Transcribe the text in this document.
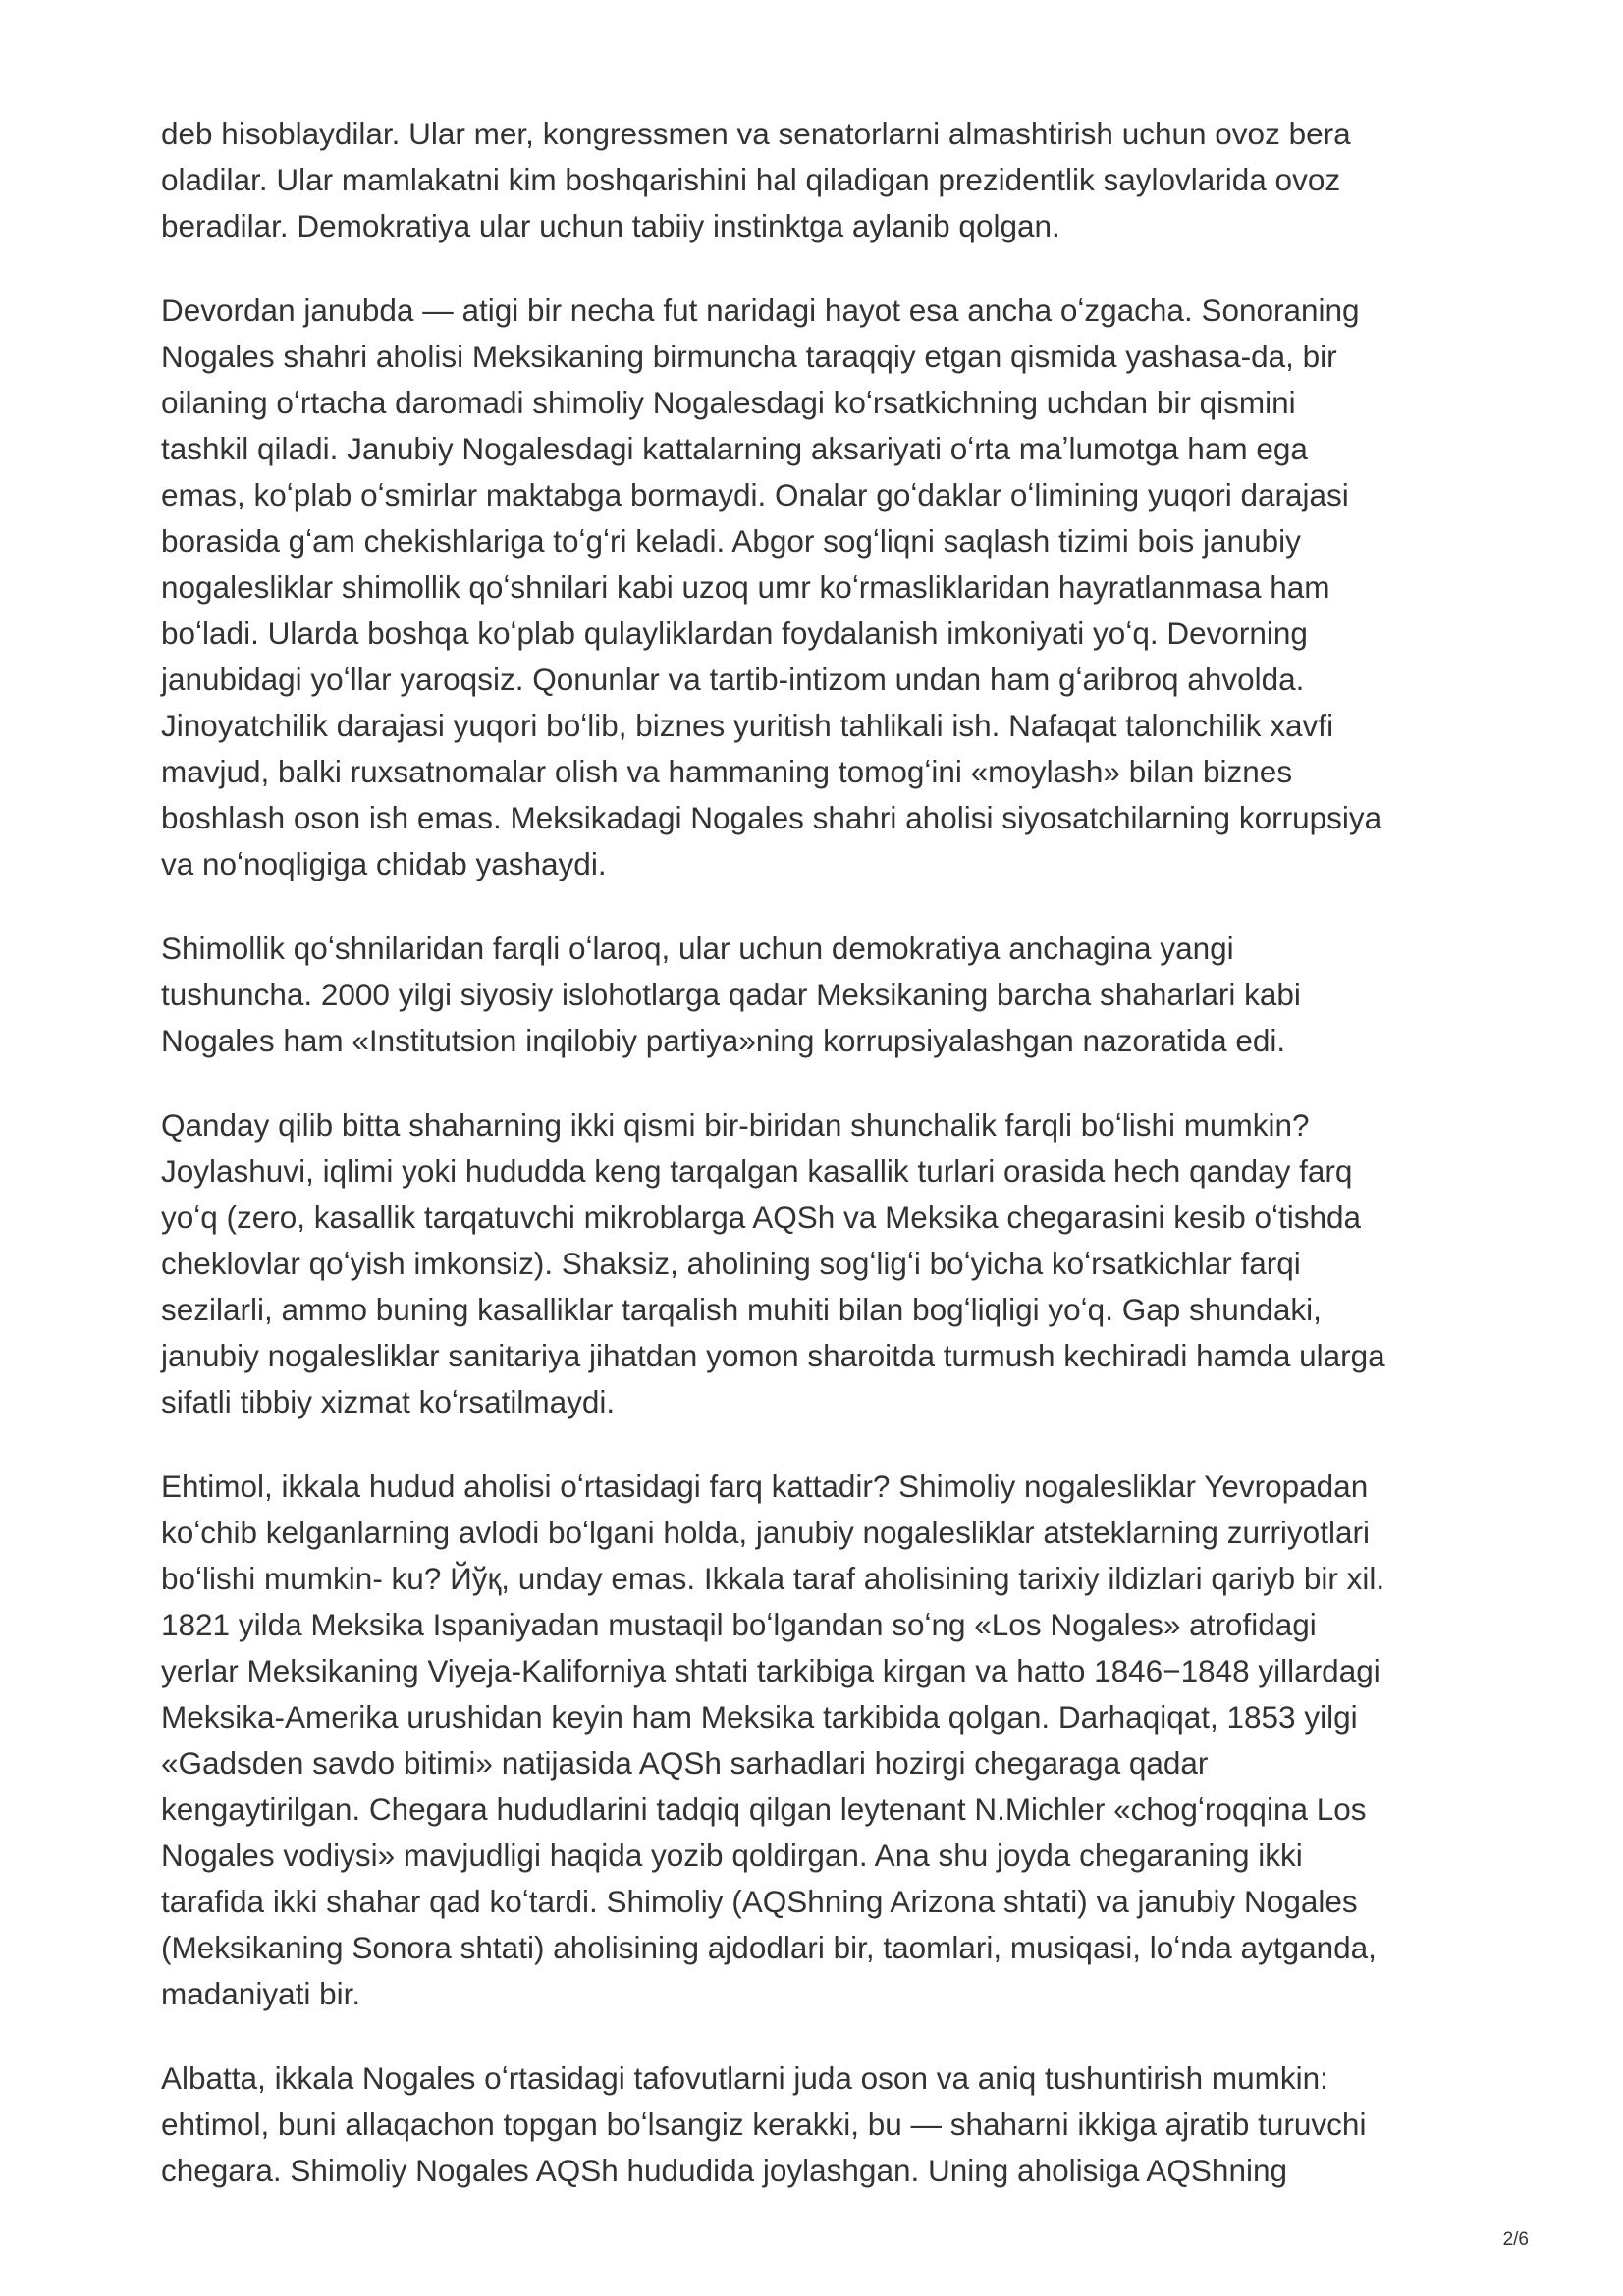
deb hisoblaydilar. Ular mer, kongressmen va senatorlarni almashtirish uchun ovoz bera
oladilar. Ular mamlakatni kim boshqarishini hal qiladigan prezidentlik saylovlarida ovoz
beradilar. Demokratiya ular uchun tabiiy instinktga aylanib qolgan.

Devordan janubda — atigi bir necha fut naridagi hayot esa ancha oʻzgacha. Sonoraning
Nogales shahri aholisi Meksikaning birmuncha taraqqiy etgan qismida yashasa-da, bir
oilaning oʻrtacha daromadi shimoliy Nogalesdagi koʻrsatkichning uchdan bir qismini
tashkil qiladi. Janubiy Nogalesdagi kattalarning aksariyati oʻrta maʼlumotga ham ega
emas, koʻplab oʻsmirlar maktabga bormaydi. Onalar goʻdaklar oʻlimining yuqori darajasi
borasida gʻam chekishlariga toʻgʻri keladi. Abgor sogʻliqni saqlash tizimi bois janubiy
nogalesliklar shimollik qoʻshnilari kabi uzoq umr koʻrmasliklaridan hayratlanmasa ham
boʻladi. Ularda boshqa koʻplab qulayliklardan foydalanish imkoniyati yoʻq. Devorning
janubidagi yoʻllar yaroqsiz. Qonunlar va tartib-intizom undan ham gʻaribroq ahvolda.
Jinoyatchilik darajasi yuqori boʻlib, biznes yuritish tahlikali ish. Nafaqat talonchilik xavfi
mavjud, balki ruxsatnomalar olish va hammaning tomogʻini «moylash» bilan biznes
boshlash oson ish emas. Meksikadagi Nogales shahri aholisi siyosatchilarning korrupsiya
va noʻnoqligiga chidab yashaydi.

Shimollik qoʻshnilaridan farqli oʻlaroq, ular uchun demokratiya anchagina yangi
tushuncha. 2000 yilgi siyosiy islohotlarga qadar Meksikaning barcha shaharlari kabi
Nogales ham «Institutsion inqilobiy partiya»ning korrupsiyalashgan nazoratida edi.

Qanday qilib bitta shaharning ikki qismi bir-biridan shunchalik farqli boʻlishi mumkin?
Joylashuvi, iqlimi yoki hududda keng tarqalgan kasallik turlari orasida hech qanday farq
yoʻq (zero, kasallik tarqatuvchi mikroblarga AQSh va Meksika chegarasini kesib oʻtishda
cheklovlar qoʻyish imkonsiz). Shaksiz, aholining sogʻligʻi boʻyicha koʻrsatkichlar farqi
sezilarli, ammo buning kasalliklar tarqalish muhiti bilan bogʻliqligi yoʻq. Gap shundaki,
janubiy nogalesliklar sanitariya jihatdan yomon sharoitda turmush kechiradi hamda ularga
sifatli tibbiy xizmat koʻrsatilmaydi.

Ehtimol, ikkala hudud aholisi oʻrtasidagi farq kattadir? Shimoliy nogalesliklar Yevropadan
koʻchib kelganlarning avlodi boʻlgani holda, janubiy nogalesliklar atsteklarning zurriyotlari
boʻlishi mumkin- ku? Йўқ, unday emas. Ikkala taraf aholisining tarixiy ildizlari qariyb bir xil.
1821 yilda Meksika Ispaniyadan mustaqil boʻlgandan soʻng «Los Nogales» atrofidagi
yerlar Meksikaning Viyeja-Kaliforniya shtati tarkibiga kirgan va hatto 1846−1848 yillardagi
Meksika-Amerika urushidan keyin ham Meksika tarkibida qolgan. Darhaqiqat, 1853 yilgi
«Gadsden savdo bitimi» natijasida AQSh sarhadlari hozirgi chegaraga qadar
kengaytirilgan. Chegara hududlarini tadqiq qilgan leytenant N.Michler «chogʻroqqina Los
Nogales vodiysi» mavjudligi haqida yozib qoldirgan. Ana shu joyda chegaraning ikki
tarafida ikki shahar qad koʻtardi. Shimoliy (AQShning Arizona shtati) va janubiy Nogales
(Meksikaning Sonora shtati) aholisining ajdodlari bir, taomlari, musiqasi, loʻnda aytganda,
madaniyati bir.

Albatta, ikkala Nogales oʻrtasidagi tafovutlarni juda oson va aniq tushuntirish mumkin:
ehtimol, buni allaqachon topgan boʻlsangiz kerakki, bu — shaharni ikkiga ajratib turuvchi
chegara. Shimoliy Nogales AQSh hududida joylashgan. Uning aholisiga AQShning

2/6
